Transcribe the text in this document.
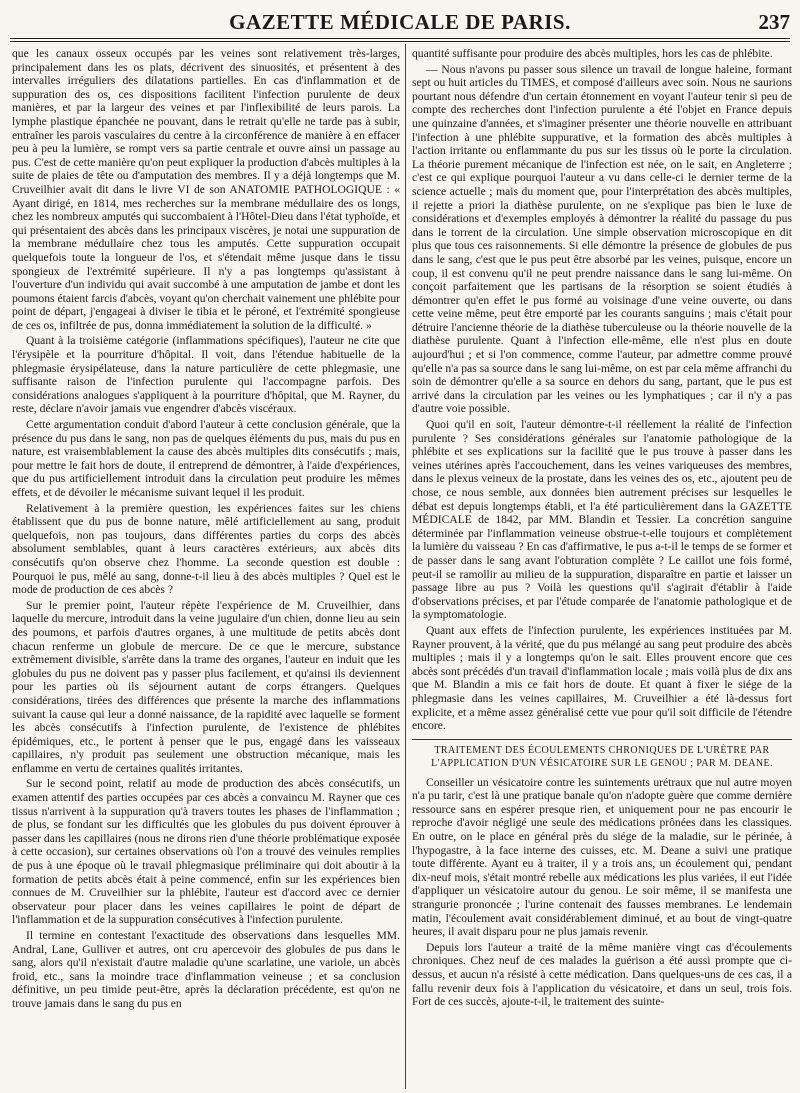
GAZETTE MÉDICALE DE PARIS.	237

que les canaux osseux occupés par les veines sont relativement très-larges, principalement dans les os plats, décrivent des sinuosités, et présentent à des intervalles irréguliers des dilatations partielles. En cas d'inflammation et de suppuration des os, ces dispositions facilitent l'infection purulente de deux manières, et par la largeur des veines et par l'inflexibilité de leurs parois. La lymphe plastique épanchée ne pouvant, dans le retrait qu'elle ne tarde pas à subir, entraîner les parois vasculaires du centre à la circonférence de manière à en effacer peu à peu la lumière, se rompt vers sa partie centrale et ouvre ainsi un passage au pus. C'est de cette manière qu'on peut expliquer la production d'abcès multiples à la suite de plaies de tête ou d'amputation des membres. Il y a déjà longtemps que M. Cruveilhier avait dit dans le livre VI de son ANATOMIE PATHOLOGIQUE : « Ayant dirigé, en 1814, mes recherches sur la membrane médullaire des os longs, chez les nombreux amputés qui succombaient à l'Hôtel-Dieu dans l'état typhoïde, et qui présentaient des abcès dans les principaux viscères, je notai une suppuration de la membrane médullaire chez tous les amputés. Cette suppuration occupait quelquefois toute la longueur de l'os, et s'étendait même jusque dans le tissu spongieux de l'extrémité supérieure. Il n'y a pas longtemps qu'assistant à l'ouverture d'un individu qui avait succombé à une amputation de jambe et dont les poumons étaient farcis d'abcès, voyant qu'on cherchait vainement une phlébite pour point de départ, j'engageai à diviser le tibia et le péroné, et l'extrémité spongieuse de ces os, infiltrée de pus, donna immédiatement la solution de la difficulté. »

Quant à la troisième catégorie (inflammations spécifiques), l'auteur ne cite que l'érysipèle et la pourriture d'hôpital. Il voit, dans l'étendue habituelle de la phlegmasie érysipélateuse, dans la nature particulière de cette phlegmasie, une suffisante raison de l'infection purulente qui l'accompagne parfois. Des considérations analogues s'appliquent à la pourriture d'hôpital, que M. Rayner, du reste, déclare n'avoir jamais vue engendrer d'abcès viscéraux.

Cette argumentation conduit d'abord l'auteur à cette conclusion générale, que la présence du pus dans le sang, non pas de quelques éléments du pus, mais du pus en nature, est vraisemblablement la cause des abcès multiples dits consécutifs ; mais, pour mettre le fait hors de doute, il entreprend de démontrer, à l'aide d'expériences, que du pus artificiellement introduit dans la circulation peut produire les mêmes effets, et de dévoiler le mécanisme suivant lequel il les produit.

Relativement à la première question, les expériences faites sur les chiens établissent que du pus de bonne nature, mêlé artificiellement au sang, produit quelquefois, non pas toujours, dans différentes parties du corps des abcès absolument semblables, quant à leurs caractères extérieurs, aux abcès dits consécutifs qu'on observe chez l'homme. La seconde question est double : Pourquoi le pus, mêlé au sang, donne-t-il lieu à des abcès multiples ? Quel est le mode de production de ces abcès ?

Sur le premier point, l'auteur répète l'expérience de M. Cruveilhier, dans laquelle du mercure, introduit dans la veine jugulaire d'un chien, donne lieu au sein des poumons, et parfois d'autres organes, à une multitude de petits abcès dont chacun renferme un globule de mercure. De ce que le mercure, substance extrêmement divisible, s'arrête dans la trame des organes, l'auteur en induit que les globules du pus ne doivent pas y passer plus facilement, et qu'ainsi ils deviennent pour les parties où ils séjournent autant de corps étrangers. Quelques considérations, tirées des différences que présente la marche des inflammations suivant la cause qui leur a donné naissance, de la rapidité avec laquelle se forment les abcès consécutifs à l'infection purulente, de l'existence de phlébites épidémiques, etc., le portent à penser que le pus, engagé dans les vaisseaux capillaires, n'y produit pas seulement une obstruction mécanique, mais les enflamme en vertu de certaines qualités irritantes.

Sur le second point, relatif au mode de production des abcès consécutifs, un examen attentif des parties occupées par ces abcès a convaincu M. Rayner que ces tissus n'arrivent à la suppuration qu'à travers toutes les phases de l'inflammation ; de plus, se fondant sur les difficultés que les globules du pus doivent éprouver à passer dans les capillaires (nous ne dirons rien d'une théorie problématique exposée à cette occasion), sur certaines observations où l'on a trouvé des veinules remplies de pus à une époque où le travail phlegmasique préliminaire qui doit aboutir à la formation de petits abcès était à peine commencé, enfin sur les expériences bien connues de M. Cruveilhier sur la phlébite, l'auteur est d'accord avec ce dernier observateur pour placer dans les veines capillaires le point de départ de l'inflammation et de la suppuration consécutives à l'infection purulente.

Il termine en contestant l'exactitude des observations dans lesquelles MM. Andral, Lane, Gulliver et autres, ont cru apercevoir des globules de pus dans le sang, alors qu'il n'existait d'autre maladie qu'une scarlatine, une variole, un abcès froid, etc., sans la moindre trace d'inflammation veineuse ; et sa conclusion définitive, un peu timide peut-être, après la déclaration précédente, est qu'on ne trouve jamais dans le sang du pus en

quantité suffisante pour produire des abcès multiples, hors les cas de phlébite.

— Nous n'avons pu passer sous silence un travail de longue haleine, formant sept ou huit articles du TIMES, et composé d'ailleurs avec soin. Nous ne saurions pourtant nous défendre d'un certain étonnement en voyant l'auteur tenir si peu de compte des recherches dont l'infection purulente a été l'objet en France depuis une quinzaine d'années, et s'imaginer présenter une théorie nouvelle en attribuant l'infection à une phlébite suppurative, et la formation des abcès multiples à l'action irritante ou enflammante du pus sur les tissus où le porte la circulation. La théorie purement mécanique de l'infection est née, on le sait, en Angleterre ; c'est ce qui explique pourquoi l'auteur a vu dans celle-ci le dernier terme de la science actuelle ; mais du moment que, pour l'interprétation des abcès multiples, il rejette a priori la diathèse purulente, on ne s'explique pas bien le luxe de considérations et d'exemples employés à démontrer la réalité du passage du pus dans le torrent de la circulation. Une simple observation microscopique en dit plus que tous ces raisonnements. Si elle démontre la présence de globules de pus dans le sang, c'est que le pus peut être absorbé par les veines, puisque, encore un coup, il est convenu qu'il ne peut prendre naissance dans le sang lui-même. On conçoit parfaitement que les partisans de la résorption se soient étudiés à démontrer qu'en effet le pus formé au voisinage d'une veine ouverte, ou dans cette veine même, peut être emporté par les courants sanguins ; mais c'était pour détruire l'ancienne théorie de la diathèse tuberculeuse ou la théorie nouvelle de la diathèse purulente. Quant à l'infection elle-même, elle n'est plus en doute aujourd'hui ; et si l'on commence, comme l'auteur, par admettre comme prouvé qu'elle n'a pas sa source dans le sang lui-même, on est par cela même affranchi du soin de démontrer qu'elle a sa source en dehors du sang, partant, que le pus est arrivé dans la circulation par les veines ou les lymphatiques ; car il n'y a pas d'autre voie possible.

Quoi qu'il en soit, l'auteur démontre-t-il réellement la réalité de l'infection purulente ? Ses considérations générales sur l'anatomie pathologique de la phlébite et ses explications sur la facilité que le pus trouve à passer dans les veines utérines après l'accouchement, dans les veines variqueuses des membres, dans le plexus veineux de la prostate, dans les veines des os, etc., ajoutent peu de chose, ce nous semble, aux données bien autrement précises sur lesquelles le débat est depuis longtemps établi, et l'a été particulièrement dans la GAZETTE MÉDICALE de 1842, par MM. Blandin et Tessier. La concrétion sanguine déterminée par l'inflammation veineuse obstrue-t-elle toujours et complètement la lumière du vaisseau ? En cas d'affirmative, le pus a-t-il le temps de se former et de passer dans le sang avant l'obturation complète ? Le caillot une fois formé, peut-il se ramollir au milieu de la suppuration, disparaître en partie et laisser un passage libre au pus ? Voilà les questions qu'il s'agirait d'établir à l'aide d'observations précises, et par l'étude comparée de l'anatomie pathologique et de la symptomatologie.

Quant aux effets de l'infection purulente, les expériences instituées par M. Rayner prouvent, à la vérité, que du pus mélangé au sang peut produire des abcès multiples ; mais il y a longtemps qu'on le sait. Elles prouvent encore que ces abcès sont précédés d'un travail d'inflammation locale ; mais voilà plus de dix ans que M. Blandin a mis ce fait hors de doute. Et quant à fixer le siége de la phlegmasie dans les veines capillaires, M. Cruveilhier a été là-dessus fort explicite, et a même assez généralisé cette vue pour qu'il soit difficile de l'étendre encore.

TRAITEMENT DES ÉCOULEMENTS CHRONIQUES DE L'URÈTRE PAR L'APPLICATION D'UN VÉSICATOIRE SUR LE GENOU ; PAR M. DEANE.

Conseiller un vésicatoire contre les suintements urétraux que nul autre moyen n'a pu tarir, c'est là une pratique banale qu'on n'adopte guère que comme dernière ressource sans en espérer presque rien, et uniquement pour ne pas encourir le reproche d'avoir négligé une seule des médications prônées dans les classiques. En outre, on le place en général près du siége de la maladie, sur le périnée, à l'hypogastre, à la face interne des cuisses, etc. M. Deane a suivi une pratique toute différente. Ayant eu à traiter, il y a trois ans, un écoulement qui, pendant dix-neuf mois, s'était montré rebelle aux médications les plus variées, il eut l'idée d'appliquer un vésicatoire autour du genou. Le soir même, il se manifesta une strangurie prononcée ; l'urine contenait des fausses membranes. Le lendemain matin, l'écoulement avait considérablement diminué, et au bout de vingt-quatre heures, il avait disparu pour ne plus jamais revenir.

Depuis lors l'auteur a traité de la même manière vingt cas d'écoulements chroniques. Chez neuf de ces malades la guérison a été aussi prompte que ci-dessus, et aucun n'a résisté à cette médication. Dans quelques-uns de ces cas, il a fallu revenir deux fois à l'application du vésicatoire, et dans un seul, trois fois. Fort de ces succès, ajoute-t-il, le traitement des suinte-
